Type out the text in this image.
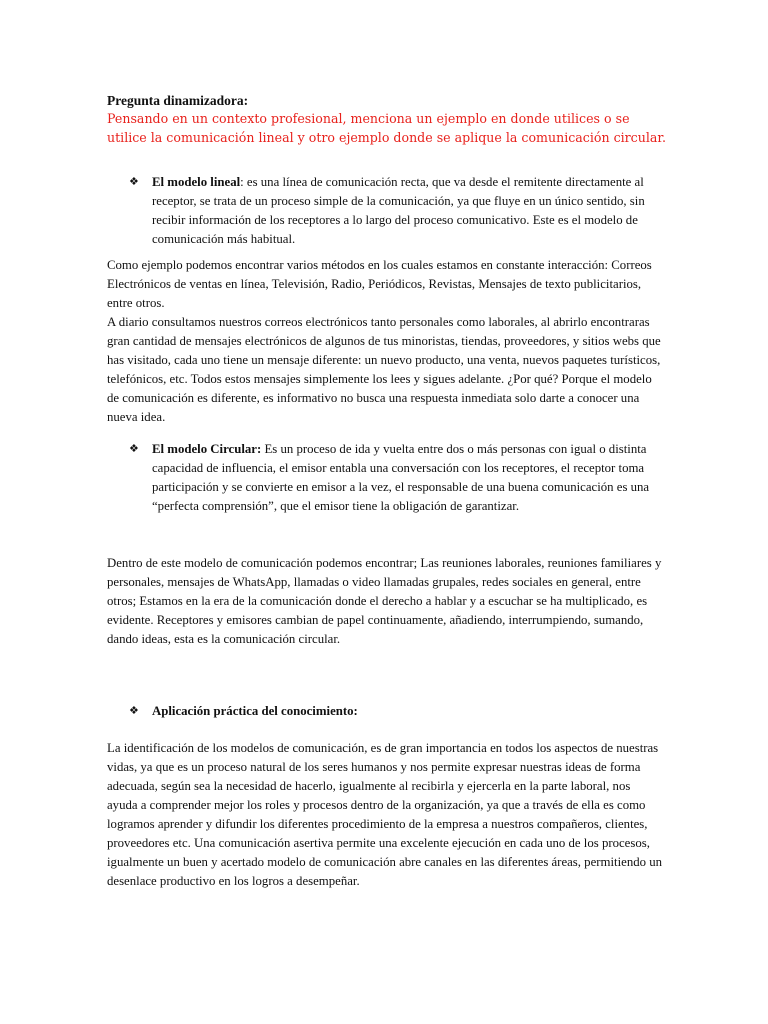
Pregunta dinamizadora:
Pensando en un contexto profesional, menciona un ejemplo en donde utilices o se utilice la comunicación lineal y otro ejemplo donde se aplique la comunicación circular.
❖ El modelo lineal: es una línea de comunicación recta, que va desde el remitente directamente al receptor, se trata de un proceso simple de la comunicación, ya que fluye en un único sentido, sin recibir información de los receptores a lo largo del proceso comunicativo. Este es el modelo de comunicación más habitual.

Como ejemplo podemos encontrar varios métodos en los cuales estamos en constante interacción: Correos Electrónicos de ventas en línea, Televisión, Radio, Periódicos, Revistas, Mensajes de texto publicitarios, entre otros.

A diario consultamos nuestros correos electrónicos tanto personales como laborales, al abrirlo encontraras gran cantidad de mensajes electrónicos de algunos de tus minoristas, tiendas, proveedores, y sitios webs que has visitado, cada uno tiene un mensaje diferente: un nuevo producto, una venta, nuevos paquetes turísticos, telefónicos, etc. Todos estos mensajes simplemente los lees y sigues adelante. ¿Por qué? Porque el modelo de comunicación es diferente, es informativo no busca una respuesta inmediata solo darte a conocer una nueva idea.

❖ El modelo Circular: Es un proceso de ida y vuelta entre dos o más personas con igual o distinta capacidad de influencia, el emisor entabla una conversación con los receptores, el receptor toma participación y se convierte en emisor a la vez, el responsable de una buena comunicación es una “perfecta comprensión”, que el emisor tiene la obligación de garantizar.

Dentro de este modelo de comunicación podemos encontrar; Las reuniones laborales, reuniones familiares y personales, mensajes de WhatsApp, llamadas o video llamadas grupales, redes sociales en general, entre otros; Estamos en la era de la comunicación donde el derecho a hablar y a escuchar se ha multiplicado, es evidente. Receptores y emisores cambian de papel continuamente, añadiendo, interrumpiendo, sumando, dando ideas, esta es la comunicación circular.

❖ Aplicación práctica del conocimiento:

La identificación de los modelos de comunicación, es de gran importancia en todos los aspectos de nuestras vidas, ya que es un proceso natural de los seres humanos y nos permite expresar nuestras ideas de forma adecuada, según sea la necesidad de hacerlo, igualmente al recibirla y ejercerla en la parte laboral, nos ayuda a comprender mejor los roles y procesos dentro de la organización, ya que a través de ella es como logramos aprender y difundir los diferentes procedimiento de la empresa a nuestros compañeros, clientes, proveedores etc. Una comunicación asertiva permite una excelente ejecución en cada uno de los procesos, igualmente un buen y acertado modelo de comunicación abre canales en las diferentes áreas, permitiendo un desenlace productivo en los logros a desempeñar.
